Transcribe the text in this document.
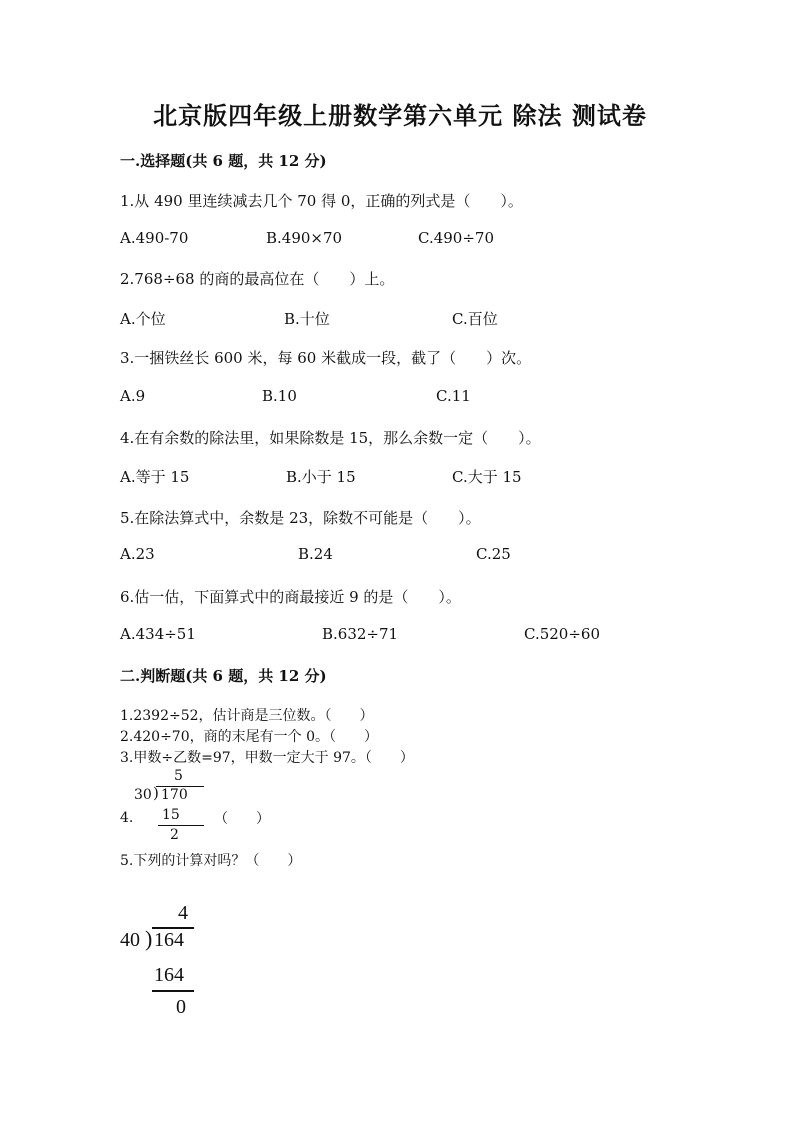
北京版四年级上册数学第六单元 除法 测试卷
一.选择题(共 6 题，共 12 分)
1.从 490 里连续减去几个 70 得 0，正确的列式是（　　）。
A.490-70	B.490×70	C.490÷70
2.768÷68 的商的最高位在（　　）上。
A.个位	B.十位	C.百位
3.一捆铁丝长 600 米，每 60 米截成一段，截了（　　）次。
A.9	B.10	C.11
4.在有余数的除法里，如果除数是 15，那么余数一定（　　）。
A.等于 15	B.小于 15	C.大于 15
5.在除法算式中，余数是 23，除数不可能是（　　）。
A.23	B.24	C.25
6.估一估，下面算式中的商最接近 9 的是（　　）。
A.434÷51	B.632÷71	C.520÷60
二.判断题(共 6 题，共 12 分)
1.2392÷52，估计商是三位数。（　　）
2.420÷70，商的末尾有一个 0。（　　）
3.甲数÷乙数=97，甲数一定大于 97。（　　）
5
30 ) 170
15
2
4.	（　　）
5.下列的计算对吗？（　　）
4
40 ) 164
164
0
